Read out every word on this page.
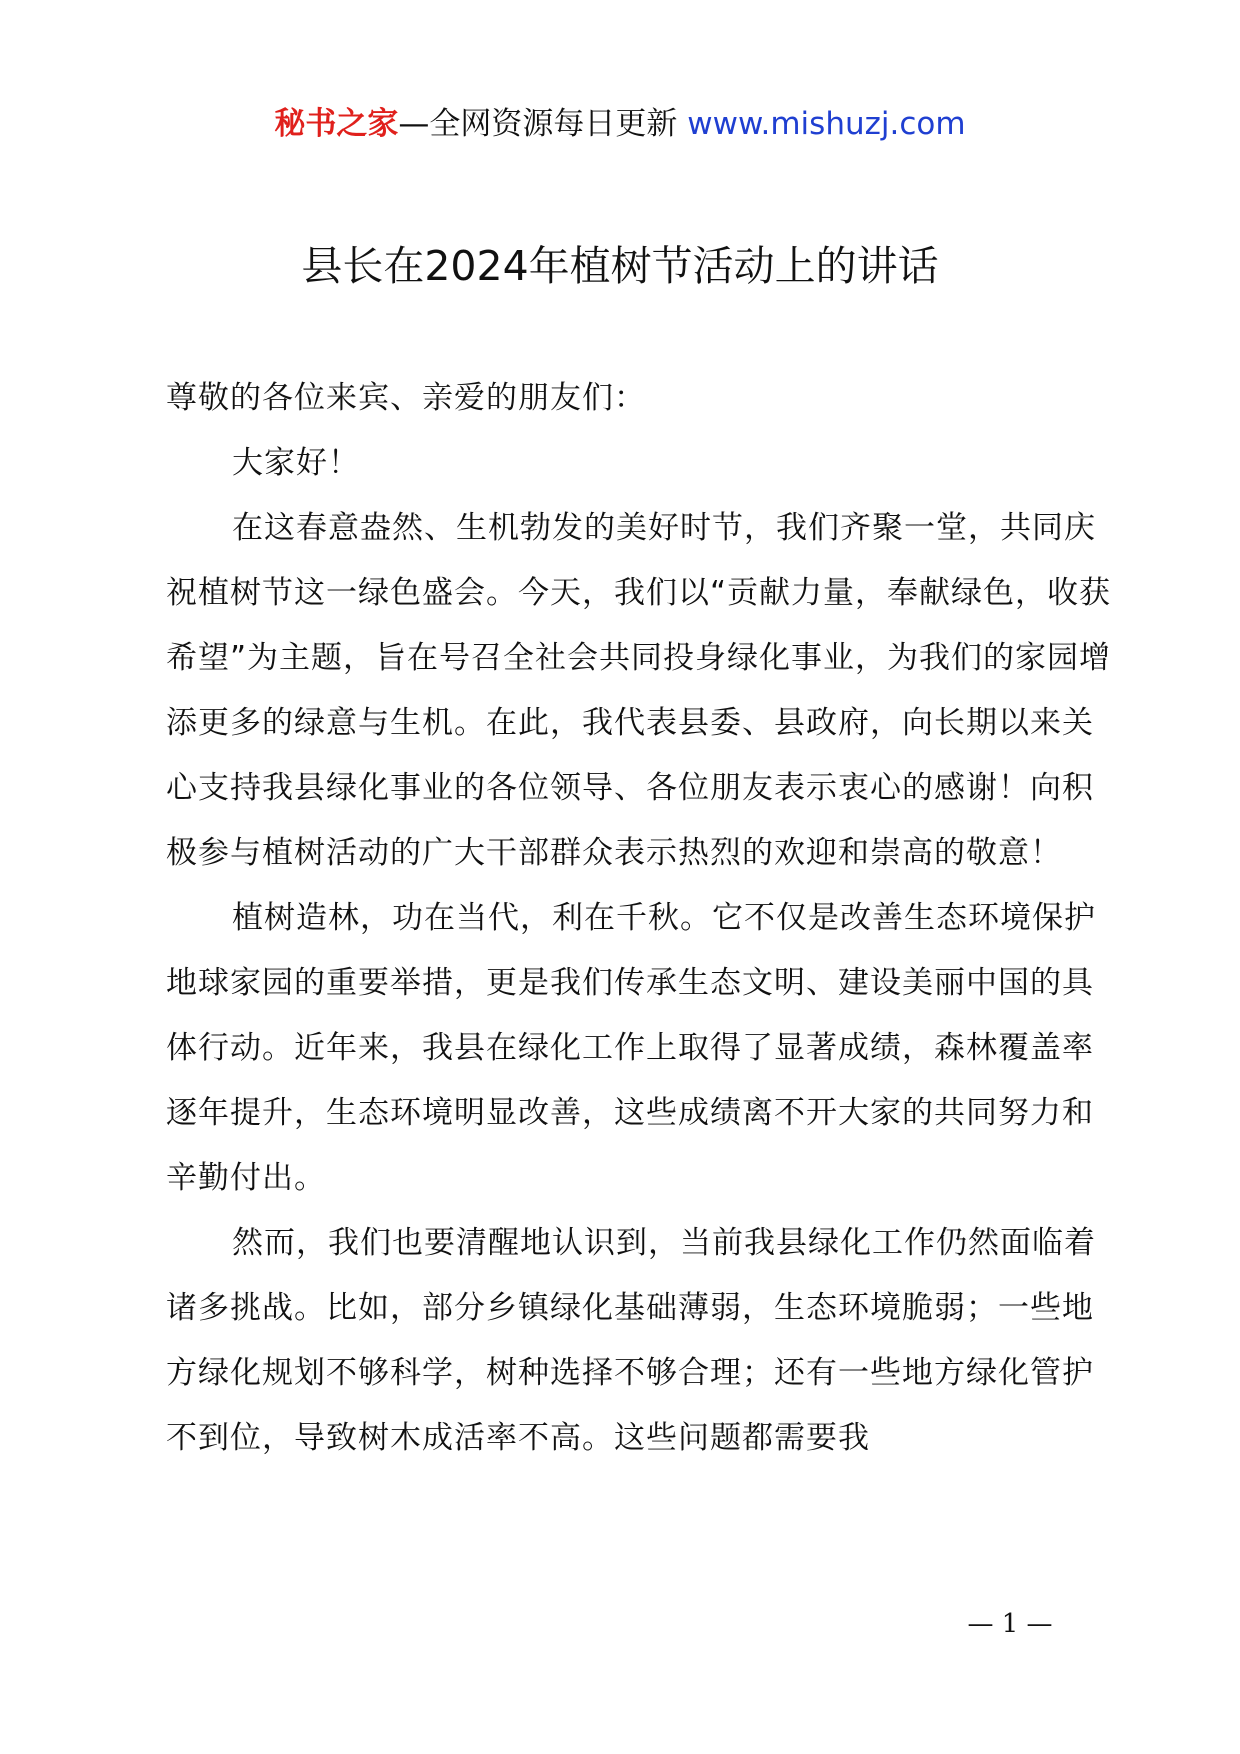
秘书之家—全网资源每日更新 www.mishuzj.com
县长在2024年植树节活动上的讲话

尊敬的各位来宾、亲爱的朋友们：

大家好！

在这春意盎然、生机勃发的美好时节，我们齐聚一堂，共同庆祝植树节这一绿色盛会。今天，我们以“贡献力量，奉献绿色，收获希望”为主题，旨在号召全社会共同投身绿化事业，为我们的家园增添更多的绿意与生机。在此，我代表县委、县政府，向长期以来关心支持我县绿化事业的各位领导、各位朋友表示衷心的感谢！向积极参与植树活动的广大干部群众表示热烈的欢迎和崇高的敬意！

植树造林，功在当代，利在千秋。它不仅是改善生态环境保护地球家园的重要举措，更是我们传承生态文明、建设美丽中国的具体行动。近年来，我县在绿化工作上取得了显著成绩，森林覆盖率逐年提升，生态环境明显改善，这些成绩离不开大家的共同努力和辛勤付出。

然而，我们也要清醒地认识到，当前我县绿化工作仍然面临着诸多挑战。比如，部分乡镇绿化基础薄弱，生态环境脆弱；一些地方绿化规划不够科学，树种选择不够合理；还有一些地方绿化管护不到位，导致树木成活率不高。这些问题都需要我

— 1 —
